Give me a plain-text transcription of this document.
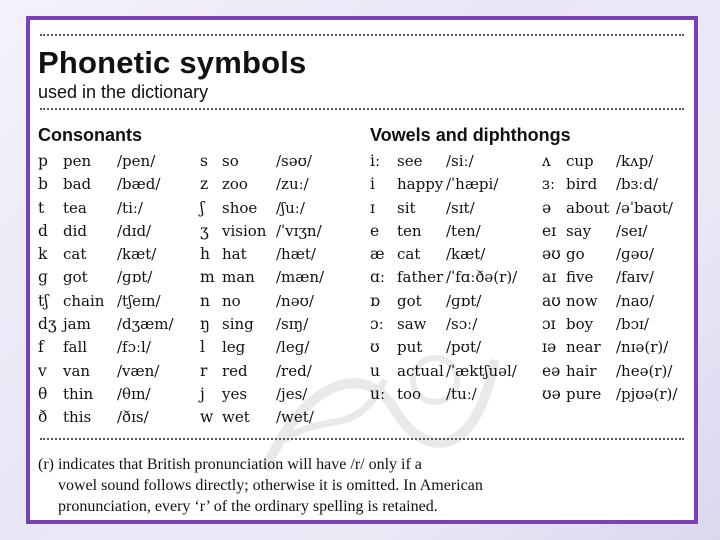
Phonetic symbols
used in the dictionary
Consonants	Vowels and diphthongs
p pen /pen/
b bad /bæd/
t tea /tiː/
d did /dɪd/
k cat /kæt/
ɡ got /ɡɒt/
tʃ chain /tʃeɪn/
dʒ jam /dʒæm/
f fall /fɔːl/
v van /væn/
θ thin /θɪn/
ð this /ðɪs/
s so /səʊ/
z zoo /zuː/
ʃ shoe /ʃuː/
ʒ vision /ˈvɪʒn/
h hat /hæt/
m man /mæn/
n no /nəʊ/
ŋ sing /sɪŋ/
l leg /leɡ/
r red /red/
j yes /jes/
w wet /wet/
iː see /siː/
i happy /ˈhæpi/
ɪ sit /sɪt/
e ten /ten/
æ cat /kæt/
ɑː father /ˈfɑːðə(r)/
ɒ got /ɡɒt/
ɔː saw /sɔː/
ʊ put /pʊt/
u actual /ˈæktʃuəl/
uː too /tuː/
ʌ cup /kʌp/
ɜː bird /bɜːd/
ə about /əˈbaʊt/
eɪ say /seɪ/
əʊ go /ɡəʊ/
aɪ five /faɪv/
aʊ now /naʊ/
ɔɪ boy /bɔɪ/
ɪə near /nɪə(r)/
eə hair /heə(r)/
ʊə pure /pjʊə(r)/
(r) indicates that British pronunciation will have /r/ only if a
vowel sound follows directly; otherwise it is omitted. In American
pronunciation, every ‘r’ of the ordinary spelling is retained.
